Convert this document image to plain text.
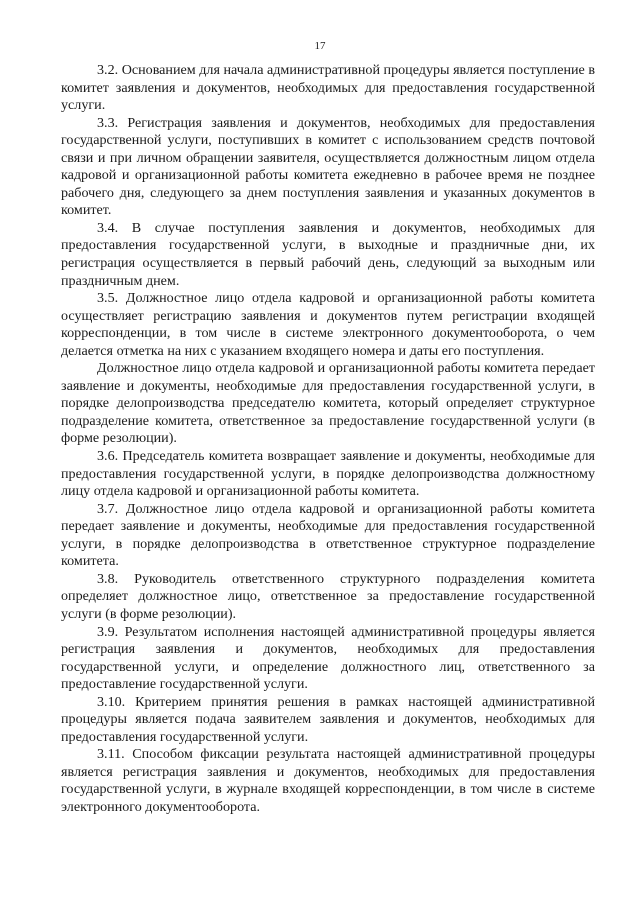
17

3.2. Основанием для начала административной процедуры является поступление в комитет заявления и документов, необходимых для предоставления государственной услуги.

3.3. Регистрация заявления и документов, необходимых для предоставления государственной услуги, поступивших в комитет с использованием средств почтовой связи и при личном обращении заявителя, осуществляется должностным лицом отдела кадровой и организационной работы комитета ежедневно в рабочее время не позднее рабочего дня, следующего за днем поступления заявления и указанных документов в комитет.

3.4. В случае поступления заявления и документов, необходимых для предоставления государственной услуги, в выходные и праздничные дни, их регистрация осуществляется в первый рабочий день, следующий за выходным или праздничным днем.

3.5. Должностное лицо отдела кадровой и организационной работы комитета осуществляет регистрацию заявления и документов путем регистрации входящей корреспонденции, в том числе в системе электронного документооборота, о чем делается отметка на них с указанием входящего номера и даты его поступления.

Должностное лицо отдела кадровой и организационной работы комитета передает заявление и документы, необходимые для предоставления государственной услуги, в порядке делопроизводства председателю комитета, который определяет структурное подразделение комитета, ответственное за предоставление государственной услуги (в форме резолюции).

3.6. Председатель комитета возвращает заявление и документы, необходимые для предоставления государственной услуги, в порядке делопроизводства должностному лицу отдела кадровой и организационной работы комитета.

3.7. Должностное лицо отдела кадровой и организационной работы комитета передает заявление и документы, необходимые для предоставления государственной услуги, в порядке делопроизводства в ответственное структурное подразделение комитета.

3.8. Руководитель ответственного структурного подразделения комитета определяет должностное лицо, ответственное за предоставление государственной услуги (в форме резолюции).

3.9. Результатом исполнения настоящей административной процедуры является регистрация заявления и документов, необходимых для предоставления государственной услуги, и определение должностного лиц, ответственного за предоставление государственной услуги.

3.10. Критерием принятия решения в рамках настоящей административной процедуры является подача заявителем заявления и документов, необходимых для предоставления государственной услуги.

3.11. Способом фиксации результата настоящей административной процедуры является регистрация заявления и документов, необходимых для предоставления государственной услуги, в журнале входящей корреспонденции, в том числе в системе электронного документооборота.
